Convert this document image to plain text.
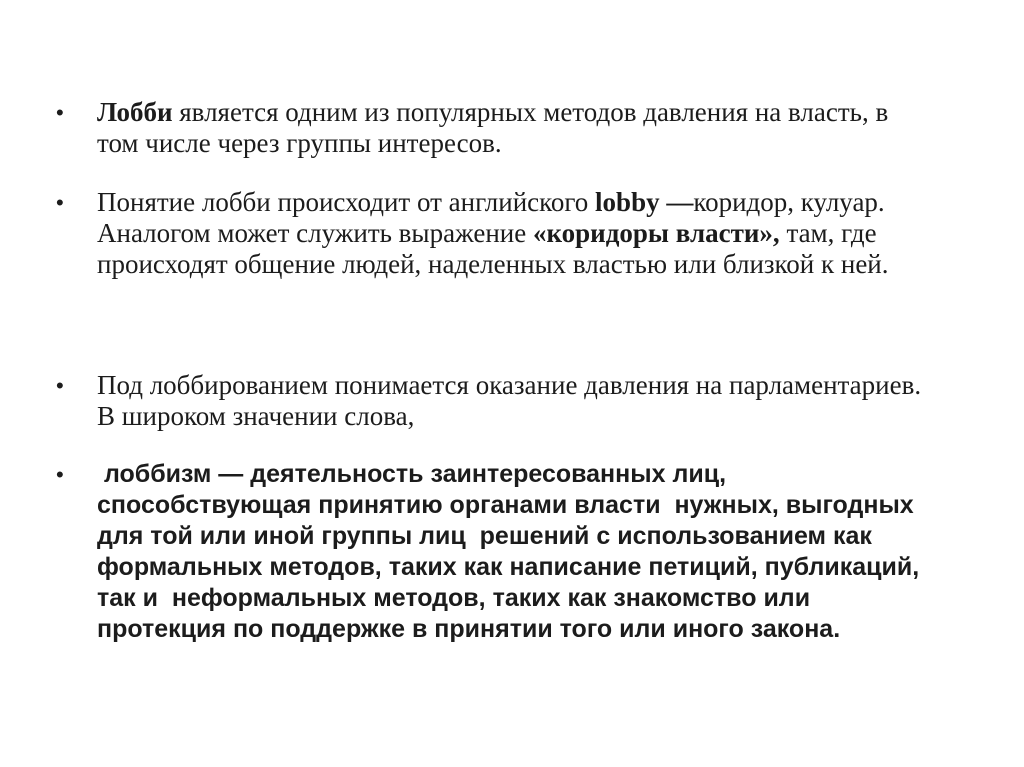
•	Лобби является одним из популярных методов давления на власть, в том числе через группы интересов.
•	Понятие лобби происходит от английского lobby —коридор, кулуар. Аналогом может служить выражение «коридоры власти», там, где происходят общение людей, наделенных властью или близкой к ней.
•	Под лоббированием понимается оказание давления на парламентариев. В широком значении слова,
•	лоббизм — деятельность заинтересованных лиц, способствующая принятию органами власти  нужных, выгодных  для той или иной группы лиц  решений с использованием как формальных методов, таких как написание петиций, публикаций, так и  неформальных методов, таких как знакомство или   протекция по поддержке в принятии того или иного закона.
